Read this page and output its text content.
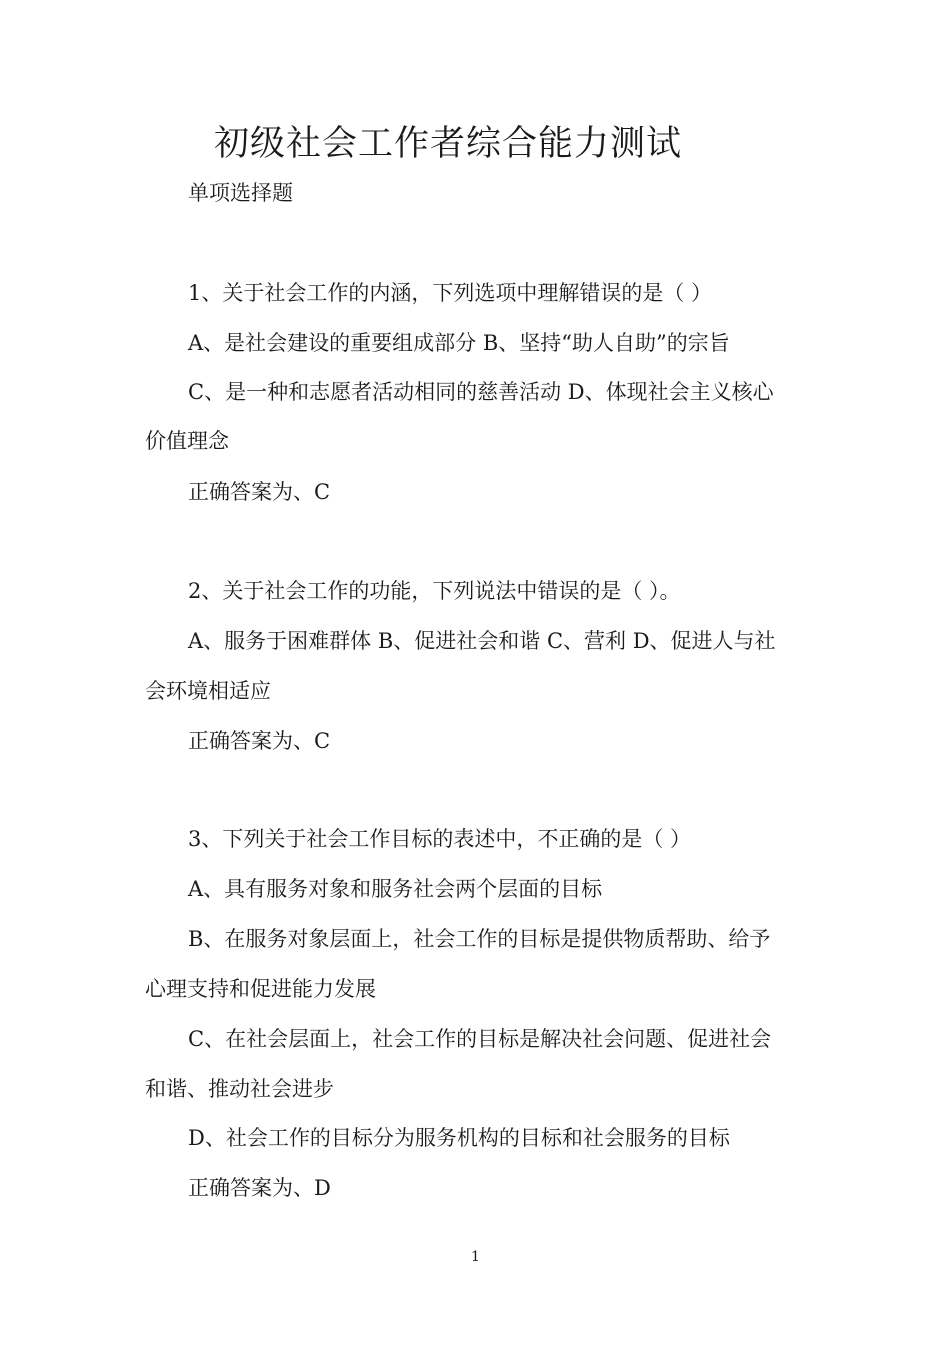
初级社会工作者综合能力测试
单项选择题
1、关于社会工作的内涵，下列选项中理解错误的是（ ）
A、是社会建设的重要组成部分 B、坚持“助人自助”的宗旨
C、是一种和志愿者活动相同的慈善活动 D、体现社会主义核心
价值理念
正确答案为、C
2、关于社会工作的功能，下列说法中错误的是（ ）。
A、服务于困难群体 B、促进社会和谐 C、营利 D、促进人与社
会环境相适应
正确答案为、C
3、下列关于社会工作目标的表述中，不正确的是（ ）
A、具有服务对象和服务社会两个层面的目标
B、在服务对象层面上，社会工作的目标是提供物质帮助、给予
心理支持和促进能力发展
C、在社会层面上，社会工作的目标是解决社会问题、促进社会
和谐、推动社会进步
D、社会工作的目标分为服务机构的目标和社会服务的目标
正确答案为、D
1
